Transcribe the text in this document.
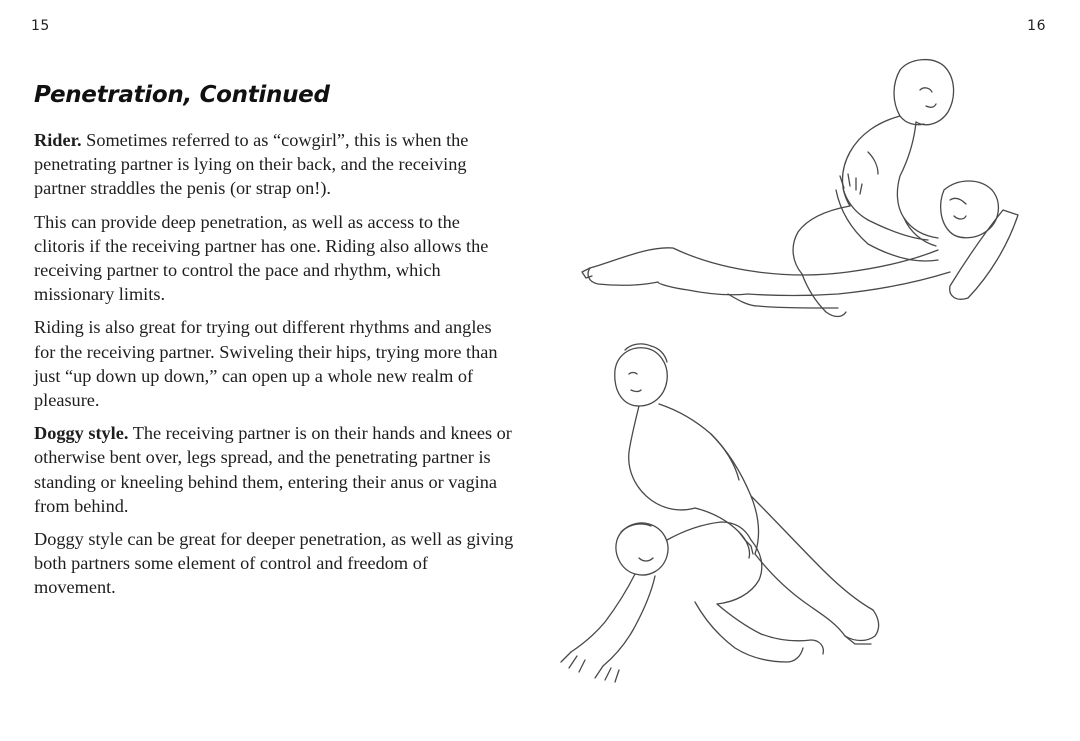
15	16
Penetration, Continued

Rider. Sometimes referred to as “cowgirl”, this is when the penetrating partner is lying on their back, and the receiving partner straddles the penis (or strap on!).

This can provide deep penetration, as well as access to the clitoris if the receiving partner has one. Riding also allows the receiving partner to control the pace and rhythm, which missionary limits.

Riding is also great for trying out different rhythms and angles for the receiving partner. Swiveling their hips, trying more than just “up down up down,” can open up a whole new realm of pleasure.

Doggy style. The receiving partner is on their hands and knees or otherwise bent over, legs spread, and the penetrating partner is standing or kneeling behind them, entering their anus or vagina from behind.

Doggy style can be great for deeper penetration, as well as giving both partners some element of control and freedom of movement.
